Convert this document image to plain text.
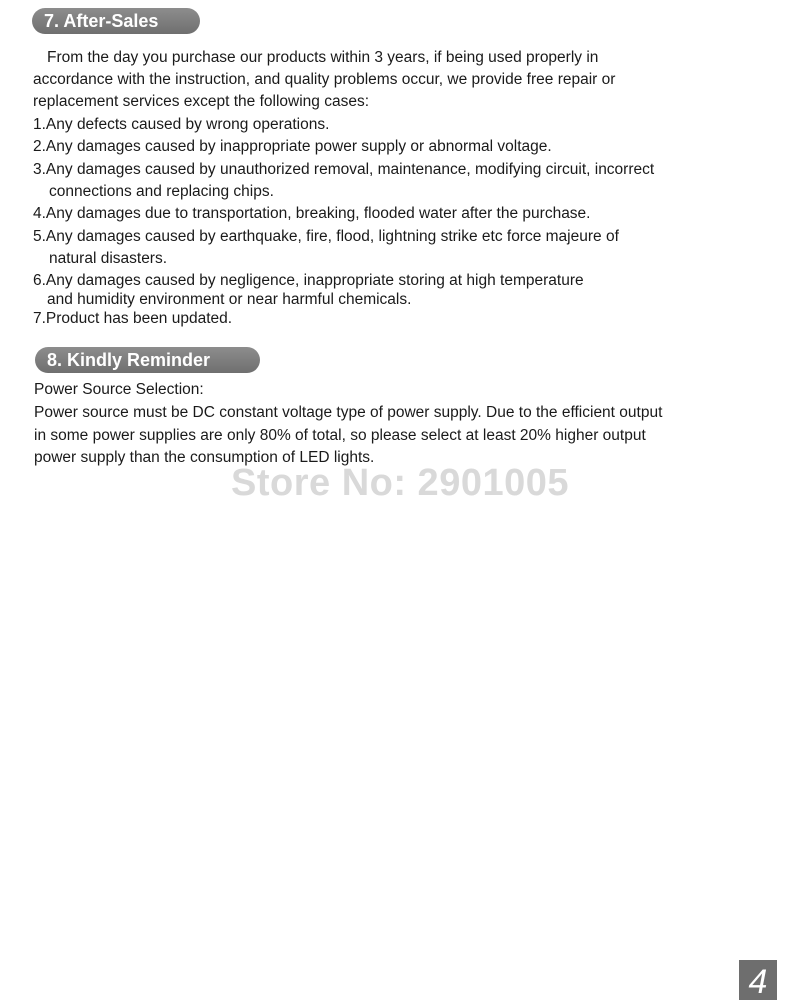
7. After-Sales
From the day you purchase our products within 3 years, if being used properly in
accordance with the instruction, and quality problems occur, we provide free repair or
replacement services except the following cases:
1.Any defects caused by wrong operations.
2.Any damages caused by inappropriate power supply or abnormal voltage.
3.Any damages caused by unauthorized removal, maintenance, modifying circuit, incorrect
connections and replacing chips.
4.Any damages due to transportation, breaking, flooded water after the purchase.
5.Any damages caused by earthquake, fire, flood, lightning strike etc force majeure of
natural disasters.
6.Any damages caused by negligence, inappropriate storing at high temperature
and humidity environment or near harmful chemicals.
7.Product has been updated.
8. Kindly Reminder
Power Source Selection:
Power source must be DC constant voltage type of power supply. Due to the efficient output
in some power supplies are only 80% of total, so please select at least 20% higher output
power supply than the consumption of LED lights.
Store No: 2901005
4
